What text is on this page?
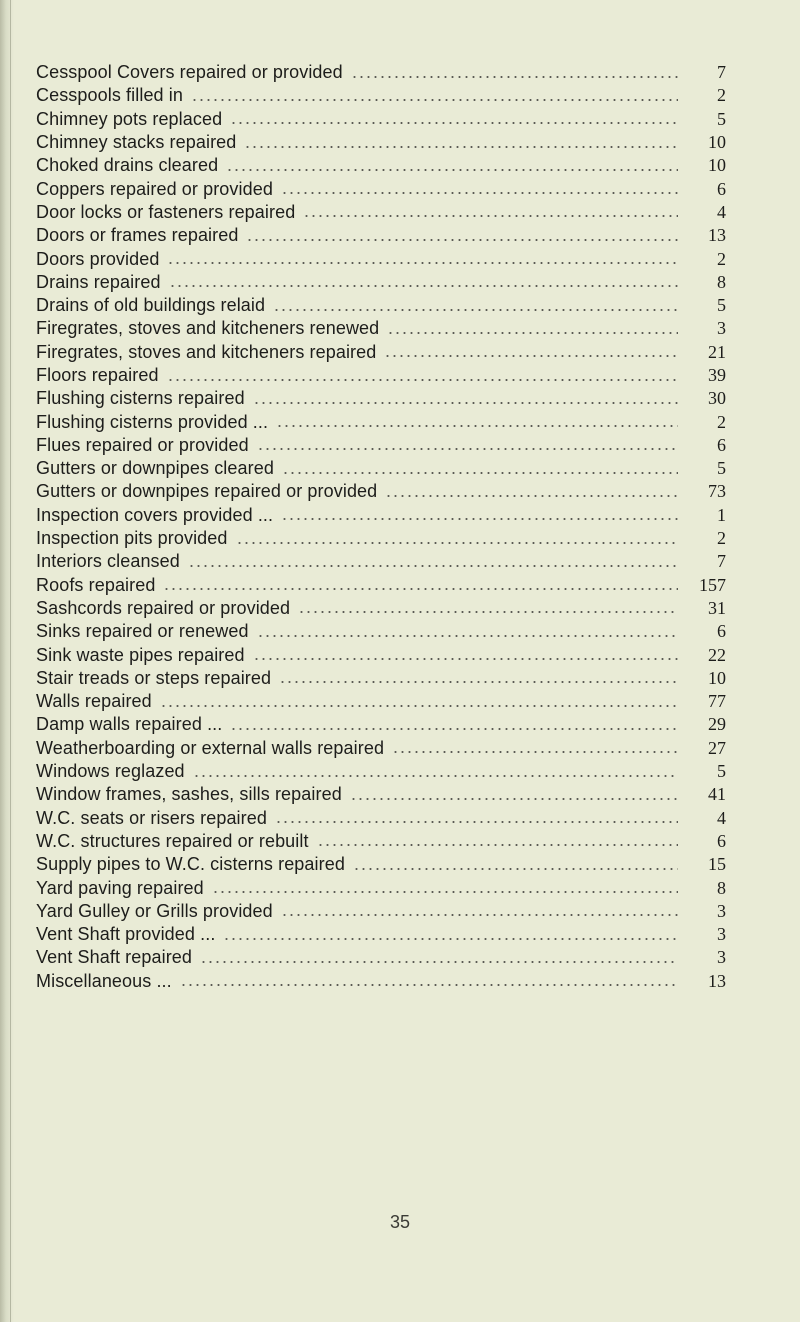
Cesspool Covers repaired or provided	7
Cesspools filled in	2
Chimney pots replaced	5
Chimney stacks repaired	10
Choked drains cleared	10
Coppers repaired or provided	6
Door locks or fasteners repaired	4
Doors or frames repaired	13
Doors provided	2
Drains repaired	8
Drains of old buildings relaid	5
Firegrates, stoves and kitcheners renewed	3
Firegrates, stoves and kitcheners repaired	21
Floors repaired	39
Flushing cisterns repaired	30
Flushing cisterns provided ...	2
Flues repaired or provided	6
Gutters or downpipes cleared	5
Gutters or downpipes repaired or provided	73
Inspection covers provided ...	1
Inspection pits provided	2
Interiors cleansed	7
Roofs repaired	157
Sashcords repaired or provided	31
Sinks repaired or renewed	6
Sink waste pipes repaired	22
Stair treads or steps repaired	10
Walls repaired	77
Damp walls repaired ...	29
Weatherboarding or external walls repaired	27
Windows reglazed	5
Window frames, sashes, sills repaired	41
W.C. seats or risers repaired	4
W.C. structures repaired or rebuilt	6
Supply pipes to W.C. cisterns repaired	15
Yard paving repaired	8
Yard Gulley or Grills provided	3
Vent Shaft provided ...	3
Vent Shaft repaired	3
Miscellaneous ...	13
35
